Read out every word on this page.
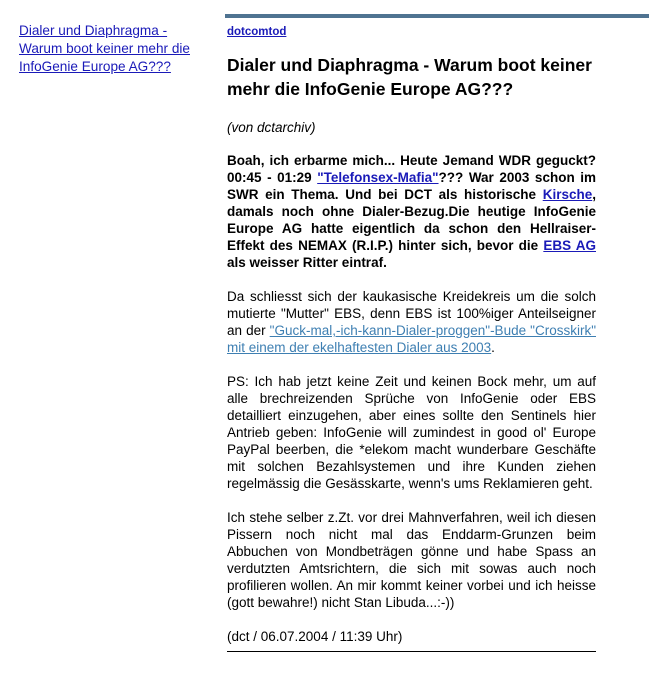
Dialer und Diaphragma - Warum boot keiner mehr die InfoGenie Europe AG???
dotcomtod
Dialer und Diaphragma - Warum boot keiner mehr die InfoGenie Europe AG???

(von dctarchiv)

Boah, ich erbarme mich... Heute Jemand WDR geguckt? 00:45 - 01:29 "Telefonsex-Mafia"??? War 2003 schon im SWR ein Thema. Und bei DCT als historische Kirsche, damals noch ohne Dialer-Bezug.Die heutige InfoGenie Europe AG hatte eigentlich da schon den Hellraiser-Effekt des NEMAX (R.I.P.) hinter sich, bevor die EBS AG als weisser Ritter eintraf.

Da schliesst sich der kaukasische Kreidekreis um die solch mutierte "Mutter" EBS, denn EBS ist 100%iger Anteilseigner an der "Guck-mal,-ich-kann-Dialer-proggen"-Bude "Crosskirk" mit einem der ekelhaftesten Dialer aus 2003.

PS: Ich hab jetzt keine Zeit und keinen Bock mehr, um auf alle brechreizenden Sprüche von InfoGenie oder EBS detailliert einzugehen, aber eines sollte den Sentinels hier Antrieb geben: InfoGenie will zumindest in good ol' Europe PayPal beerben, die *elekom macht wunderbare Geschäfte mit solchen Bezahlsystemen und ihre Kunden ziehen regelmässig die Gesässkarte, wenn's ums Reklamieren geht.

Ich stehe selber z.Zt. vor drei Mahnverfahren, weil ich diesen Pissern noch nicht mal das Enddarm-Grunzen beim Abbuchen von Mondbeträgen gönne und habe Spass an verdutzten Amtsrichtern, die sich mit sowas auch noch profilieren wollen. An mir kommt keiner vorbei und ich heisse (gott bewahre!) nicht Stan Libuda...:-))

(dct / 06.07.2004 / 11:39 Uhr)
